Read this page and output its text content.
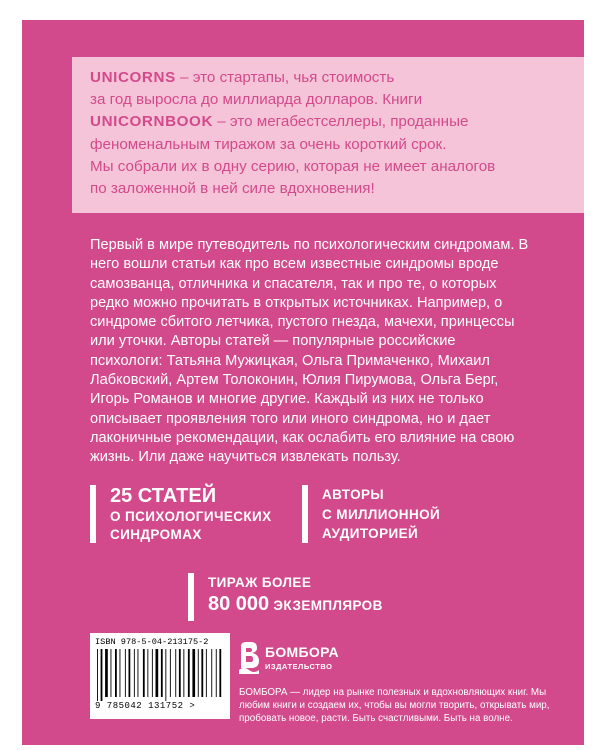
UNICORNS – это стартапы, чья стоимость
за год выросла до миллиарда долларов. Книги
UNICORNBOOK – это мегабестселлеры, проданные
феноменальным тиражом за очень короткий срок.
Мы собрали их в одну серию, которая не имеет аналогов
по заложенной в ней силе вдохновения!

Первый в мире путеводитель по психологическим синдромам. В него вошли статьи как про всем известные синдромы вроде самозванца, отличника и спасателя, так и про те, о которых редко можно прочитать в открытых источниках. Например, о синдроме сбитого летчика, пустого гнезда, мачехи, принцессы или уточки. Авторы статей — популярные российские психологи: Татьяна Мужицкая, Ольга Примаченко, Михаил Лабковский, Артем Толоконин, Юлия Пирумова, Ольга Берг, Игорь Романов и многие другие. Каждый из них не только описывает проявления того или иного синдрома, но и дает лаконичные рекомендации, как ослабить его влияние на свою жизнь. Или даже научиться извлекать пользу.

25 СТАТЕЙ
О ПСИХОЛОГИЧЕСКИХ
СИНДРОМАХ
АВТОРЫ
С МИЛЛИОННОЙ
АУДИТОРИЕЙ
ТИРАЖ БОЛЕЕ
80 000 ЭКЗЕМПЛЯРОВ
ISBN 978-5-04-213175-2
9 785042 131752 >
БОМБОРА
ИЗДАТЕЛЬСТВО
БОМБОРА — лидер на рынке полезных и вдохновляющих книг. Мы любим книги и создаем их, чтобы вы могли творить, открывать мир, пробовать новое, расти. Быть счастливыми. Быть на волне.
